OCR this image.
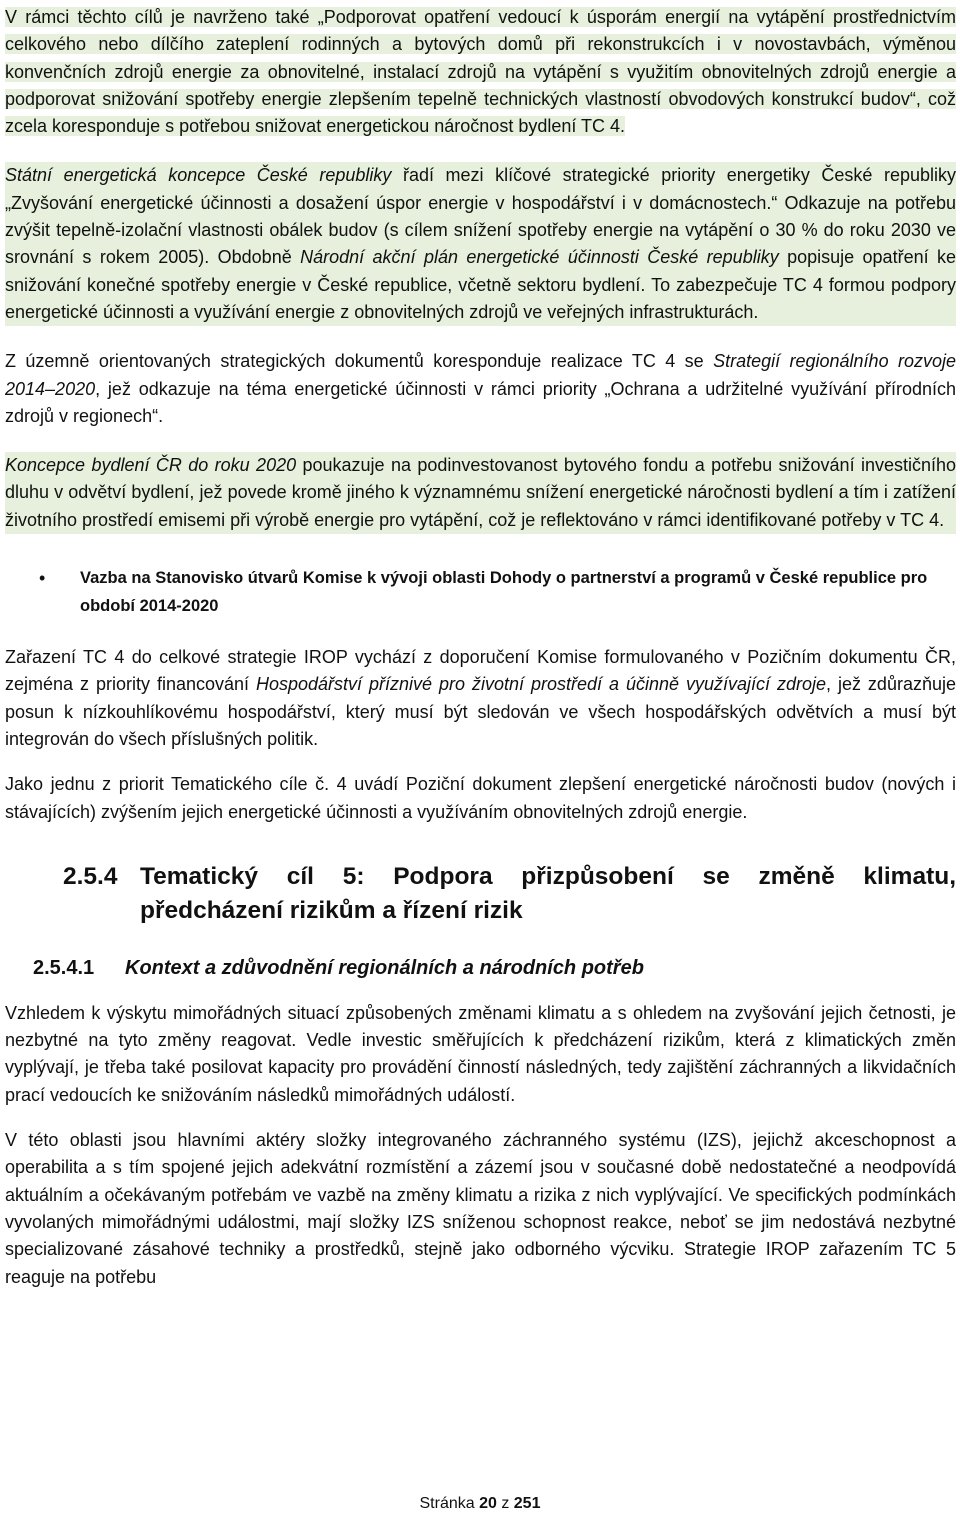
V rámci těchto cílů je navrženo také „Podporovat opatření vedoucí k úsporám energií na vytápění prostřednictvím celkového nebo dílčího zateplení rodinných a bytových domů při rekonstrukcích i v novostavbách, výměnou konvenčních zdrojů energie za obnovitelné, instalací zdrojů na vytápění s využitím obnovitelných zdrojů energie a podporovat snižování spotřeby energie zlepšením tepelně technických vlastností obvodových konstrukcí budov“, což zcela koresponduje s potřebou snižovat energetickou náročnost bydlení TC 4.

Státní energetická koncepce České republiky řadí mezi klíčové strategické priority energetiky České republiky „Zvyšování energetické účinnosti a dosažení úspor energie v hospodářství i v domácnostech.“ Odkazuje na potřebu zvýšit tepelně-izolační vlastnosti obálek budov (s cílem snížení spotřeby energie na vytápění o 30 % do roku 2030 ve srovnání s rokem 2005). Obdobně Národní akční plán energetické účinnosti České republiky popisuje opatření ke snižování konečné spotřeby energie v České republice, včetně sektoru bydlení. To zabezpečuje TC 4 formou podpory energetické účinnosti a využívání energie z obnovitelných zdrojů ve veřejných infrastrukturách.

Z územně orientovaných strategických dokumentů koresponduje realizace TC 4 se Strategií regionálního rozvoje 2014–2020, jež odkazuje na téma energetické účinnosti v rámci priority „Ochrana a udržitelné využívání přírodních zdrojů v regionech“.

Koncepce bydlení ČR do roku 2020 poukazuje na podinvestovanost bytového fondu a potřebu snižování investičního dluhu v odvětví bydlení, jež povede kromě jiného k významnému snížení energetické náročnosti bydlení a tím i zatížení životního prostředí emisemi při výrobě energie pro vytápění, což je reflektováno v rámci identifikované potřeby v TC 4.

•	Vazba na Stanovisko útvarů Komise k vývoji oblasti Dohody o partnerství a programů v České republice pro období 2014-2020

Zařazení TC 4 do celkové strategie IROP vychází z doporučení Komise formulovaného v Pozičním dokumentu ČR, zejména z priority financování Hospodářství příznivé pro životní prostředí a účinně využívající zdroje, jež zdůrazňuje posun k nízkouhlíkovému hospodářství, který musí být sledován ve všech hospodářských odvětvích a musí být integrován do všech příslušných politik.

Jako jednu z priorit Tematického cíle č. 4 uvádí Poziční dokument zlepšení energetické náročnosti budov (nových i stávajících) zvýšením jejich energetické účinnosti a využíváním obnovitelných zdrojů energie.

2.5.4 Tematický cíl 5: Podpora přizpůsobení se změně klimatu,
předcházení rizikům a řízení rizik
2.5.4.1	Kontext a zdůvodnění regionálních a národních potřeb

Vzhledem k výskytu mimořádných situací způsobených změnami klimatu a s ohledem na zvyšování jejich četnosti, je nezbytné na tyto změny reagovat. Vedle investic směřujících k předcházení rizikům, která z klimatických změn vyplývají, je třeba také posilovat kapacity pro provádění činností následných, tedy zajištění záchranných a likvidačních prací vedoucích ke snižováním následků mimořádných událostí.

V této oblasti jsou hlavními aktéry složky integrovaného záchranného systému (IZS), jejichž akceschopnost a operabilita a s tím spojené jejich adekvátní rozmístění a zázemí jsou v současné době nedostatečné a neodpovídá aktuálním a očekávaným potřebám ve vazbě na změny klimatu a rizika z nich vyplývající. Ve specifických podmínkách vyvolaných mimořádnými událostmi, mají složky IZS sníženou schopnost reakce, neboť se jim nedostává nezbytné specializované zásahové techniky a prostředků, stejně jako odborného výcviku. Strategie IROP zařazením TC 5 reaguje na potřebu

Stránka 20 z 251
